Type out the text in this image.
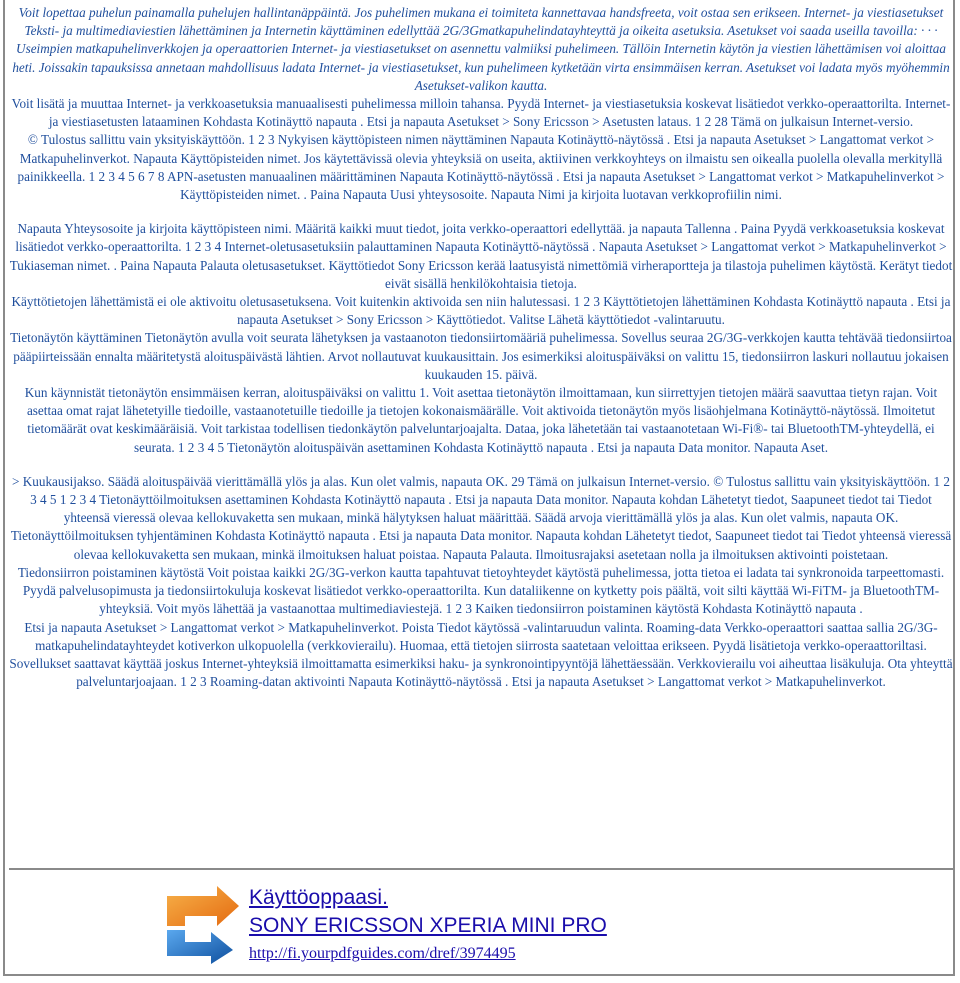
Voit lopettaa puhelun painamalla puhelujen hallintanäppäintä. Jos puhelimen mukana ei toimiteta kannettavaa handsfreeta, voit ostaa sen erikseen. Internet- ja viestiasetukset Teksti- ja multimediaviestien lähettäminen ja Internetin käyttäminen edellyttää 2G/3Gmatkapuhelindatayhteyttä ja oikeita asetuksia. Asetukset voi saada useilla tavoilla: · · · Useimpien matkapuhelinverkkojen ja operaattorien Internet- ja viestiasetukset on asennettu valmiiksi puhelimeen. Tällöin Internetin käytön ja viestien lähettämisen voi aloittaa heti. Joissakin tapauksissa annetaan mahdollisuus ladata Internet- ja viestiasetukset, kun puhelimeen kytketään virta ensimmäisen kerran. Asetukset voi ladata myös myöhemmin Asetukset-valikon kautta.

Voit lisätä ja muuttaa Internet- ja verkkoasetuksia manuaalisesti puhelimessa milloin tahansa. Pyydä Internet- ja viestiasetuksia koskevat lisätiedot verkko-operaattorilta. Internet- ja viestiasetusten lataaminen Kohdasta Kotinäyttö napauta . Etsi ja napauta Asetukset > Sony Ericsson > Asetusten lataus. 1 2 28 Tämä on julkaisun Internet-versio.

© Tulostus sallittu vain yksityiskäyttöön. 1 2 3 Nykyisen käyttöpisteen nimen näyttäminen Napauta Kotinäyttö-näytössä . Etsi ja napauta Asetukset > Langattomat verkot > Matkapuhelinverkot. Napauta Käyttöpisteiden nimet. Jos käytettävissä olevia yhteyksiä on useita, aktiivinen verkkoyhteys on ilmaistu sen oikealla puolella olevalla merkityllä painikkeella. 1 2 3 4 5 6 7 8 APN-asetusten manuaalinen määrittäminen Napauta Kotinäyttö-näytössä . Etsi ja napauta Asetukset > Langattomat verkot > Matkapuhelinverkot > Käyttöpisteiden nimet. . Paina Napauta Uusi yhteysosoite. Napauta Nimi ja kirjoita luotavan verkkoprofiilin nimi.

Napauta Yhteysosoite ja kirjoita käyttöpisteen nimi. Määritä kaikki muut tiedot, joita verkko-operaattori edellyttää. ja napauta Tallenna . Paina Pyydä verkkoasetuksia koskevat lisätiedot verkko-operaattorilta. 1 2 3 4 Internet-oletusasetuksiin palauttaminen Napauta Kotinäyttö-näytössä . Napauta Asetukset > Langattomat verkot > Matkapuhelinverkot > Tukiaseman nimet. . Paina Napauta Palauta oletusasetukset. Käyttötiedot Sony Ericsson kerää laatusyistä nimettömiä virheraportteja ja tilastoja puhelimen käytöstä. Kerätyt tiedot eivät sisällä henkilökohtaisia tietoja.

Käyttötietojen lähettämistä ei ole aktivoitu oletusasetuksena. Voit kuitenkin aktivoida sen niin halutessasi. 1 2 3 Käyttötietojen lähettäminen Kohdasta Kotinäyttö napauta . Etsi ja napauta Asetukset > Sony Ericsson > Käyttötiedot. Valitse Lähetä käyttötiedot -valintaruutu.

Tietonäytön käyttäminen Tietonäytön avulla voit seurata lähetyksen ja vastaanoton tiedonsiirtomääriä puhelimessa. Sovellus seuraa 2G/3G-verkkojen kautta tehtävää tiedonsiirtoa pääpiirteissään ennalta määritetystä aloituspäivästä lähtien. Arvot nollautuvat kuukausittain. Jos esimerkiksi aloituspäiväksi on valittu 15, tiedonsiirron laskuri nollautuu jokaisen kuukauden 15. päivä.

Kun käynnistät tietonäytön ensimmäisen kerran, aloituspäiväksi on valittu 1. Voit asettaa tietonäytön ilmoittamaan, kun siirrettyjen tietojen määrä saavuttaa tietyn rajan. Voit asettaa omat rajat lähetetyille tiedoille, vastaanotetuille tiedoille ja tietojen kokonaismäärälle. Voit aktivoida tietonäytön myös lisäohjelmana Kotinäyttö-näytössä. Ilmoitetut tietomäärät ovat keskimääräisiä. Voit tarkistaa todellisen tiedonkäytön palveluntarjoajalta. Dataa, joka lähetetään tai vastaanotetaan Wi-Fi®- tai BluetoothTM-yhteydellä, ei seurata. 1 2 3 4 5 Tietonäytön aloituspäivän asettaminen Kohdasta Kotinäyttö napauta . Etsi ja napauta Data monitor. Napauta Aset.

> Kuukausijakso. Säädä aloituspäivää vierittämällä ylös ja alas. Kun olet valmis, napauta OK. 29 Tämä on julkaisun Internet-versio. © Tulostus sallittu vain yksityiskäyttöön. 1 2 3 4 5 1 2 3 4 Tietonäyttöilmoituksen asettaminen Kohdasta Kotinäyttö napauta . Etsi ja napauta Data monitor. Napauta kohdan Lähetetyt tiedot, Saapuneet tiedot tai Tiedot yhteensä vieressä olevaa kellokuvaketta sen mukaan, minkä hälytyksen haluat määrittää. Säädä arvoja vierittämällä ylös ja alas. Kun olet valmis, napauta OK.

Tietonäyttöilmoituksen tyhjentäminen Kohdasta Kotinäyttö napauta . Etsi ja napauta Data monitor. Napauta kohdan Lähetetyt tiedot, Saapuneet tiedot tai Tiedot yhteensä vieressä olevaa kellokuvaketta sen mukaan, minkä ilmoituksen haluat poistaa. Napauta Palauta. Ilmoitusrajaksi asetetaan nolla ja ilmoituksen aktivointi poistetaan.

Tiedonsiirron poistaminen käytöstä Voit poistaa kaikki 2G/3G-verkon kautta tapahtuvat tietoyhteydet käytöstä puhelimessa, jotta tietoa ei ladata tai synkronoida tarpeettomasti. Pyydä palvelusopimusta ja tiedonsiirtokuluja koskevat lisätiedot verkko-operaattorilta. Kun dataliikenne on kytketty pois päältä, voit silti käyttää Wi-FiTM- ja BluetoothTM-yhteyksiä. Voit myös lähettää ja vastaanottaa multimediaviestejä. 1 2 3 Kaiken tiedonsiirron poistaminen käytöstä Kohdasta Kotinäyttö napauta .

Etsi ja napauta Asetukset > Langattomat verkot > Matkapuhelinverkot. Poista Tiedot käytössä -valintaruudun valinta. Roaming-data Verkko-operaattori saattaa sallia 2G/3G-matkapuhelindatayhteydet kotiverkon ulkopuolella (verkkovierailu). Huomaa, että tietojen siirrosta saatetaan veloittaa erikseen. Pyydä lisätietoja verkko-operaattoriltasi. Sovellukset saattavat käyttää joskus Internet-yhteyksiä ilmoittamatta esimerkiksi haku- ja synkronointipyyntöjä lähettäessään. Verkkovierailu voi aiheuttaa lisäkuluja. Ota yhteyttä palveluntarjoajaan. 1 2 3 Roaming-datan aktivointi Napauta Kotinäyttö-näytössä . Etsi ja napauta Asetukset > Langattomat verkot > Matkapuhelinverkot.

Käyttöoppaasi.
SONY ERICSSON XPERIA MINI PRO
http://fi.yourpdfguides.com/dref/3974495
